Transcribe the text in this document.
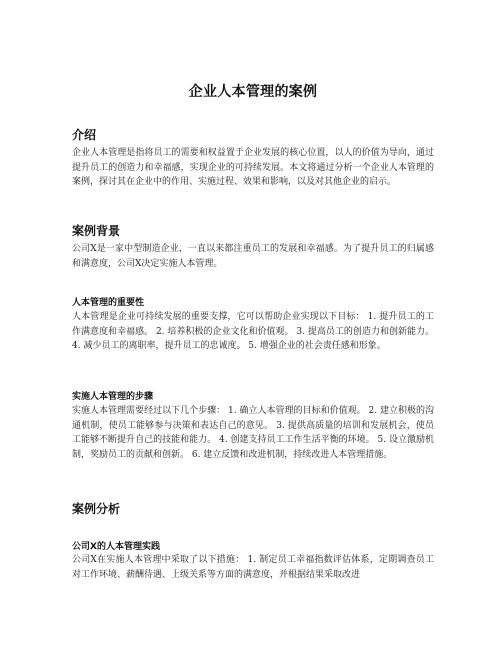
企业人本管理的案例
介绍
企业人本管理是指将员工的需要和权益置于企业发展的核心位置，以人的价值为导向，通过提升员工的创造力和幸福感，实现企业的可持续发展。本文将通过分析一个企业人本管理的案例，探讨其在企业中的作用、实施过程、效果和影响，以及对其他企业的启示。
案例背景
公司X是一家中型制造企业，一直以来都注重员工的发展和幸福感。为了提升员工的归属感和满意度，公司X决定实施人本管理。
人本管理的重要性
人本管理是企业可持续发展的重要支撑，它可以帮助企业实现以下目标： 1. 提升员工的工作满意度和幸福感。 2. 培养积极的企业文化和价值观。 3. 提高员工的创造力和创新能力。 4. 减少员工的离职率，提升员工的忠诚度。 5. 增强企业的社会责任感和形象。
实施人本管理的步骤
实施人本管理需要经过以下几个步骤： 1. 确立人本管理的目标和价值观。 2. 建立积极的沟通机制，使员工能够参与决策和表达自己的意见。 3. 提供高质量的培训和发展机会，使员工能够不断提升自己的技能和能力。 4. 创建支持员工工作生活平衡的环境。 5. 设立激励机制，奖励员工的贡献和创新。 6. 建立反馈和改进机制，持续改进人本管理措施。
案例分析
公司X的人本管理实践
公司X在实施人本管理中采取了以下措施： 1. 制定员工幸福指数评估体系，定期调查员工对工作环境、薪酬待遇、上级关系等方面的满意度，并根据结果采取改进
